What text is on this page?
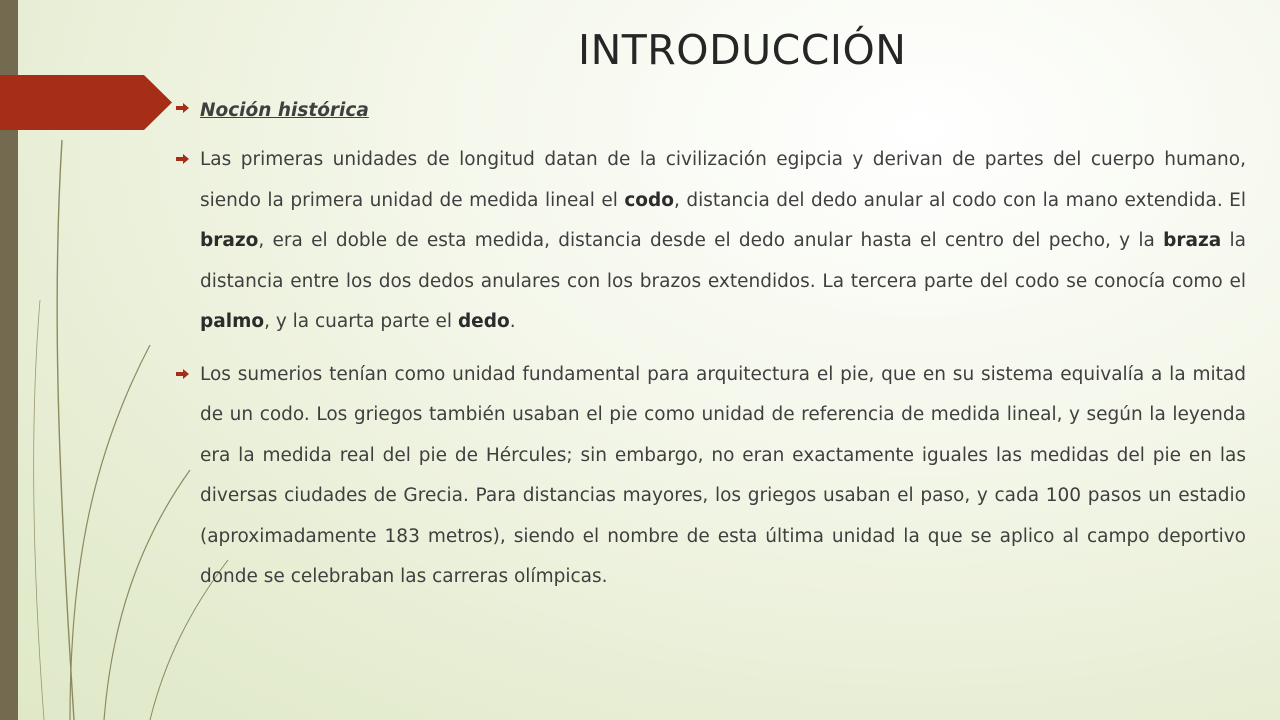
INTRODUCCIÓN

Noción histórica

Las primeras unidades de longitud datan de la civilización egipcia y derivan de partes del cuerpo humano, siendo la primera unidad de medida lineal el codo, distancia del dedo anular al codo con la mano extendida. El brazo, era el doble de esta medida, distancia desde el dedo anular hasta el centro del pecho, y la braza la distancia entre los dos dedos anulares con los brazos extendidos. La tercera parte del codo se conocía como el palmo, y la cuarta parte el dedo.

Los sumerios tenían como unidad fundamental para arquitectura el pie, que en su sistema equivalía a la mitad de un codo. Los griegos también usaban el pie como unidad de referencia de medida lineal, y según la leyenda era la medida real del pie de Hércules; sin embargo, no eran exactamente iguales las medidas del pie en las diversas ciudades de Grecia. Para distancias mayores, los griegos usaban el paso, y cada 100 pasos un estadio (aproximadamente 183 metros), siendo el nombre de esta última unidad la que se aplico al campo deportivo donde se celebraban las carreras olímpicas.
